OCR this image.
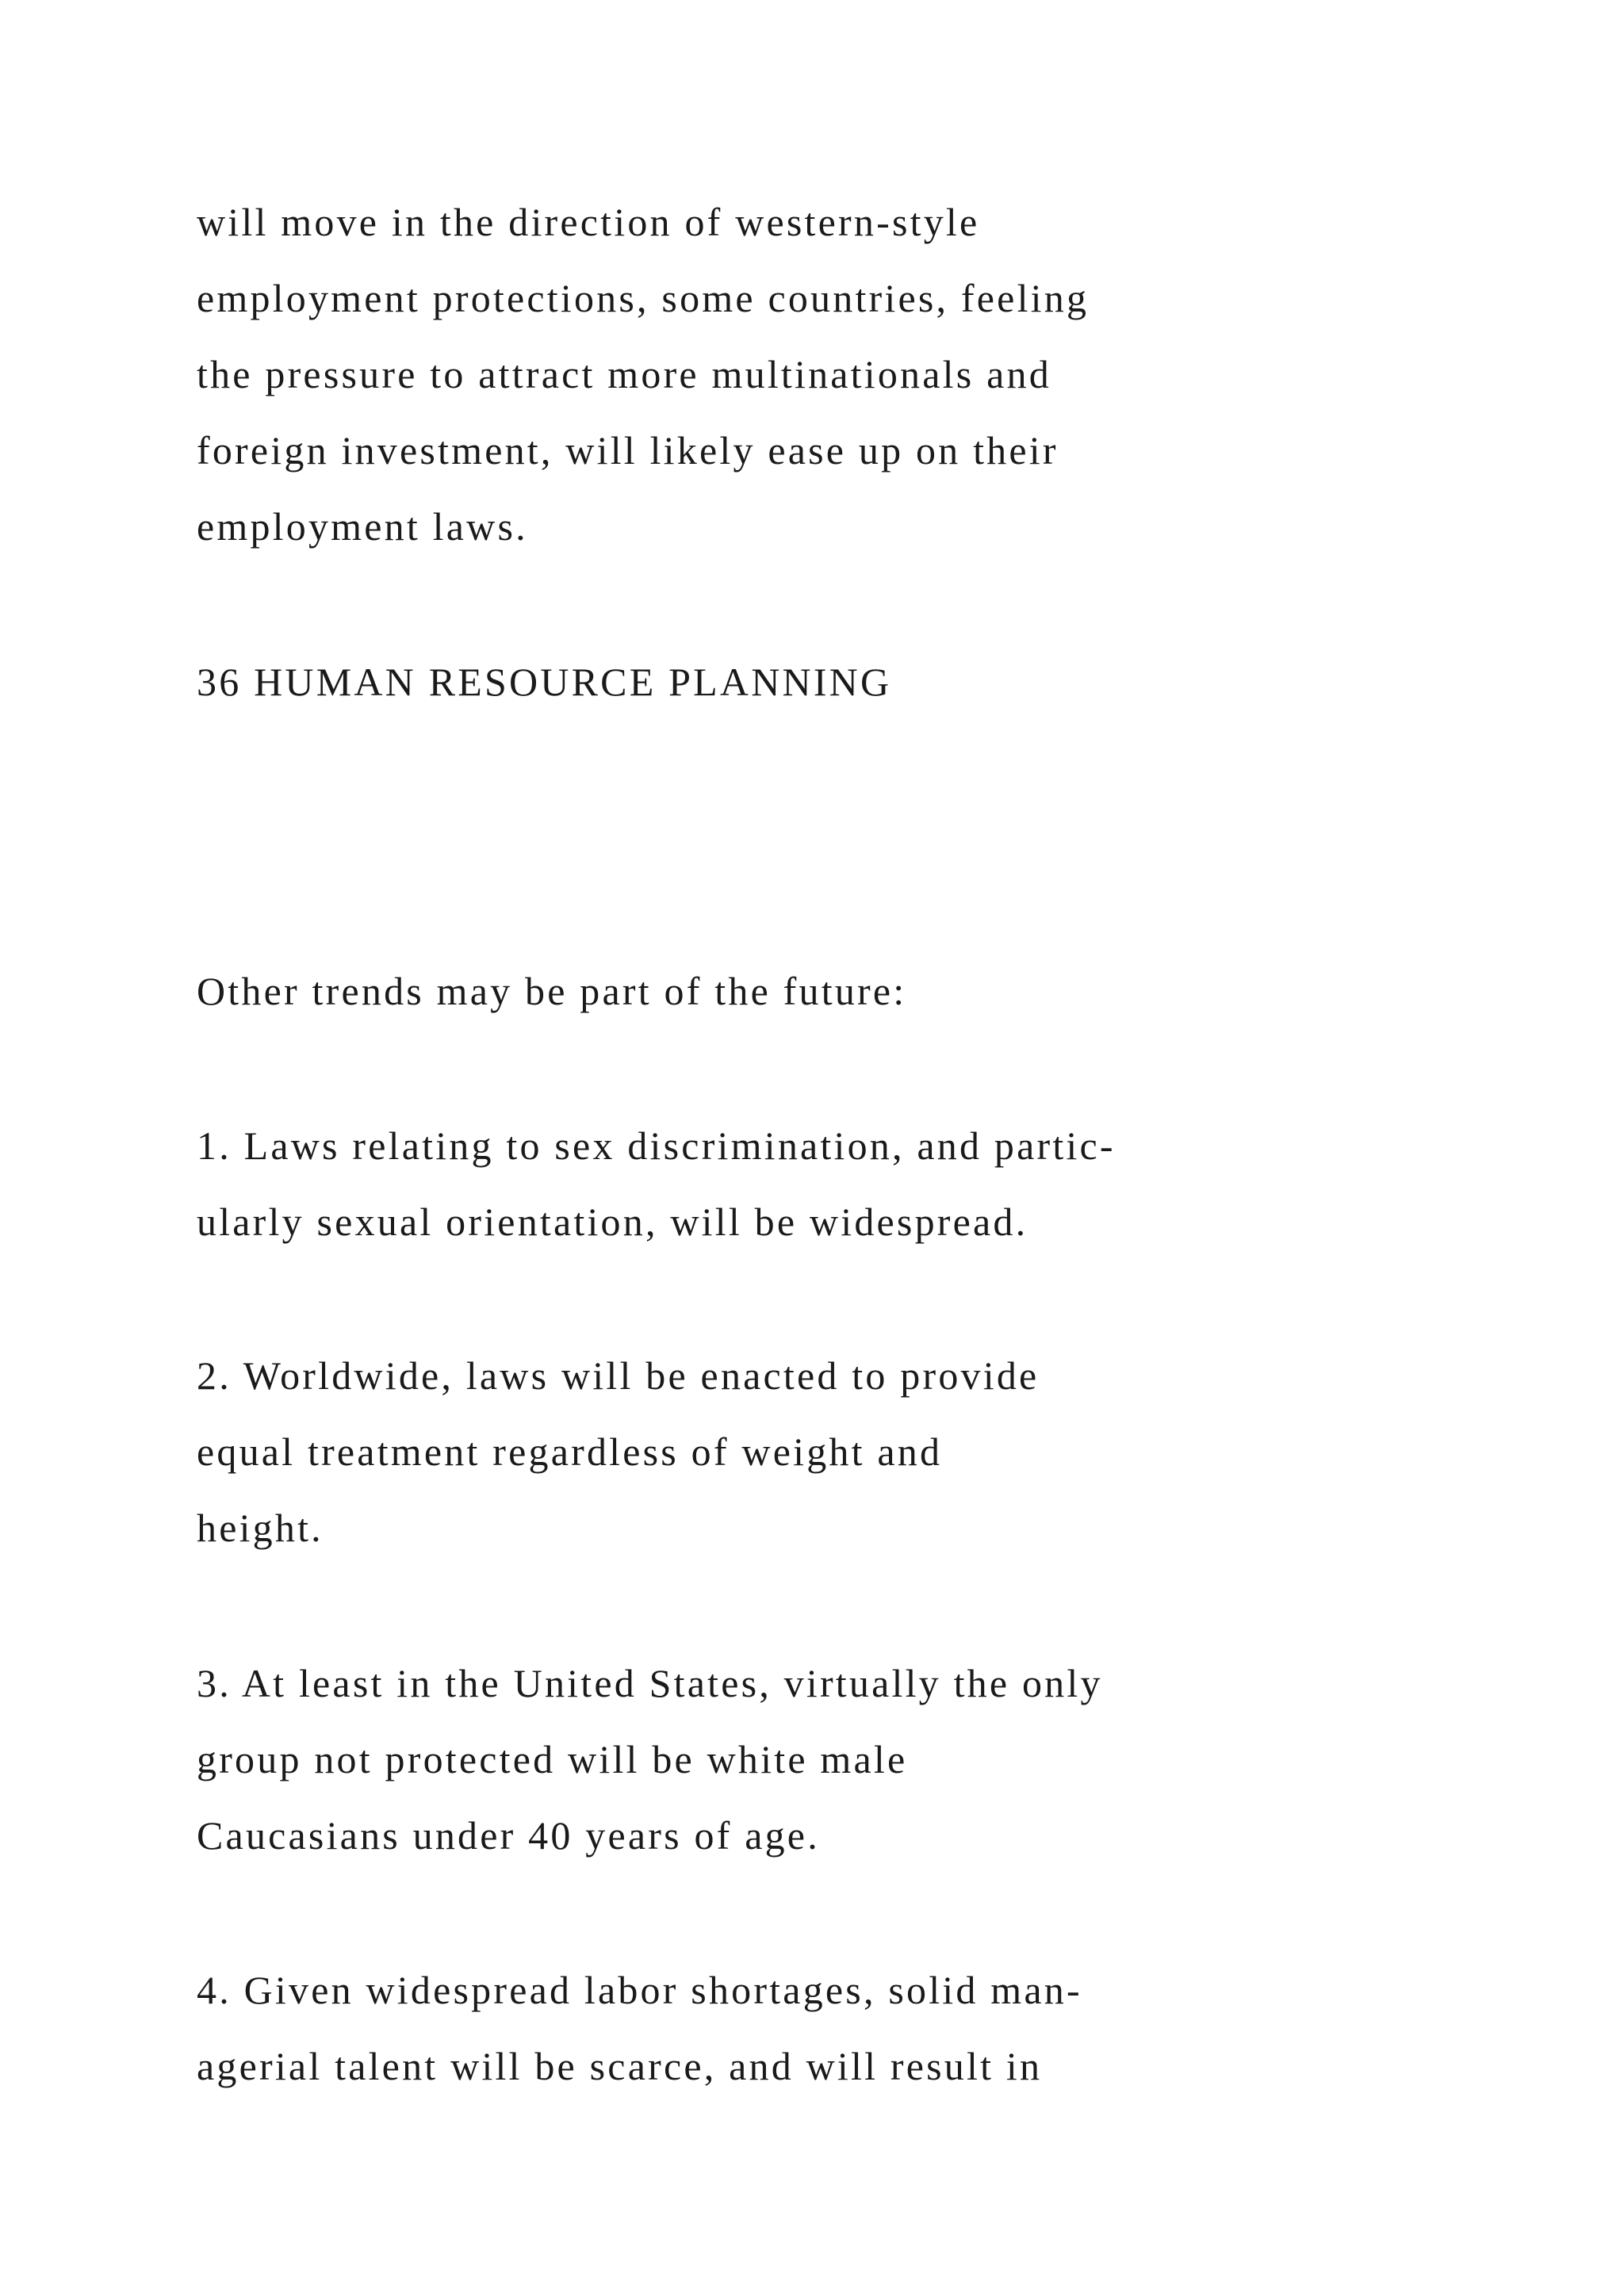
will move in the direction of western-style

employment protections, some countries, feeling

the pressure to attract more multinationals and

foreign investment, will likely ease up on their

employment laws.

36 HUMAN RESOURCE PLANNING

Other trends may be part of the future:

1. Laws relating to sex discrimination, and partic-

ularly sexual orientation, will be widespread.

2. Worldwide, laws will be enacted to provide

equal treatment regardless of weight and

height.

3. At least in the United States, virtually the only

group not protected will be white male

Caucasians under 40 years of age.

4. Given widespread labor shortages, solid man-

agerial talent will be scarce, and will result in
